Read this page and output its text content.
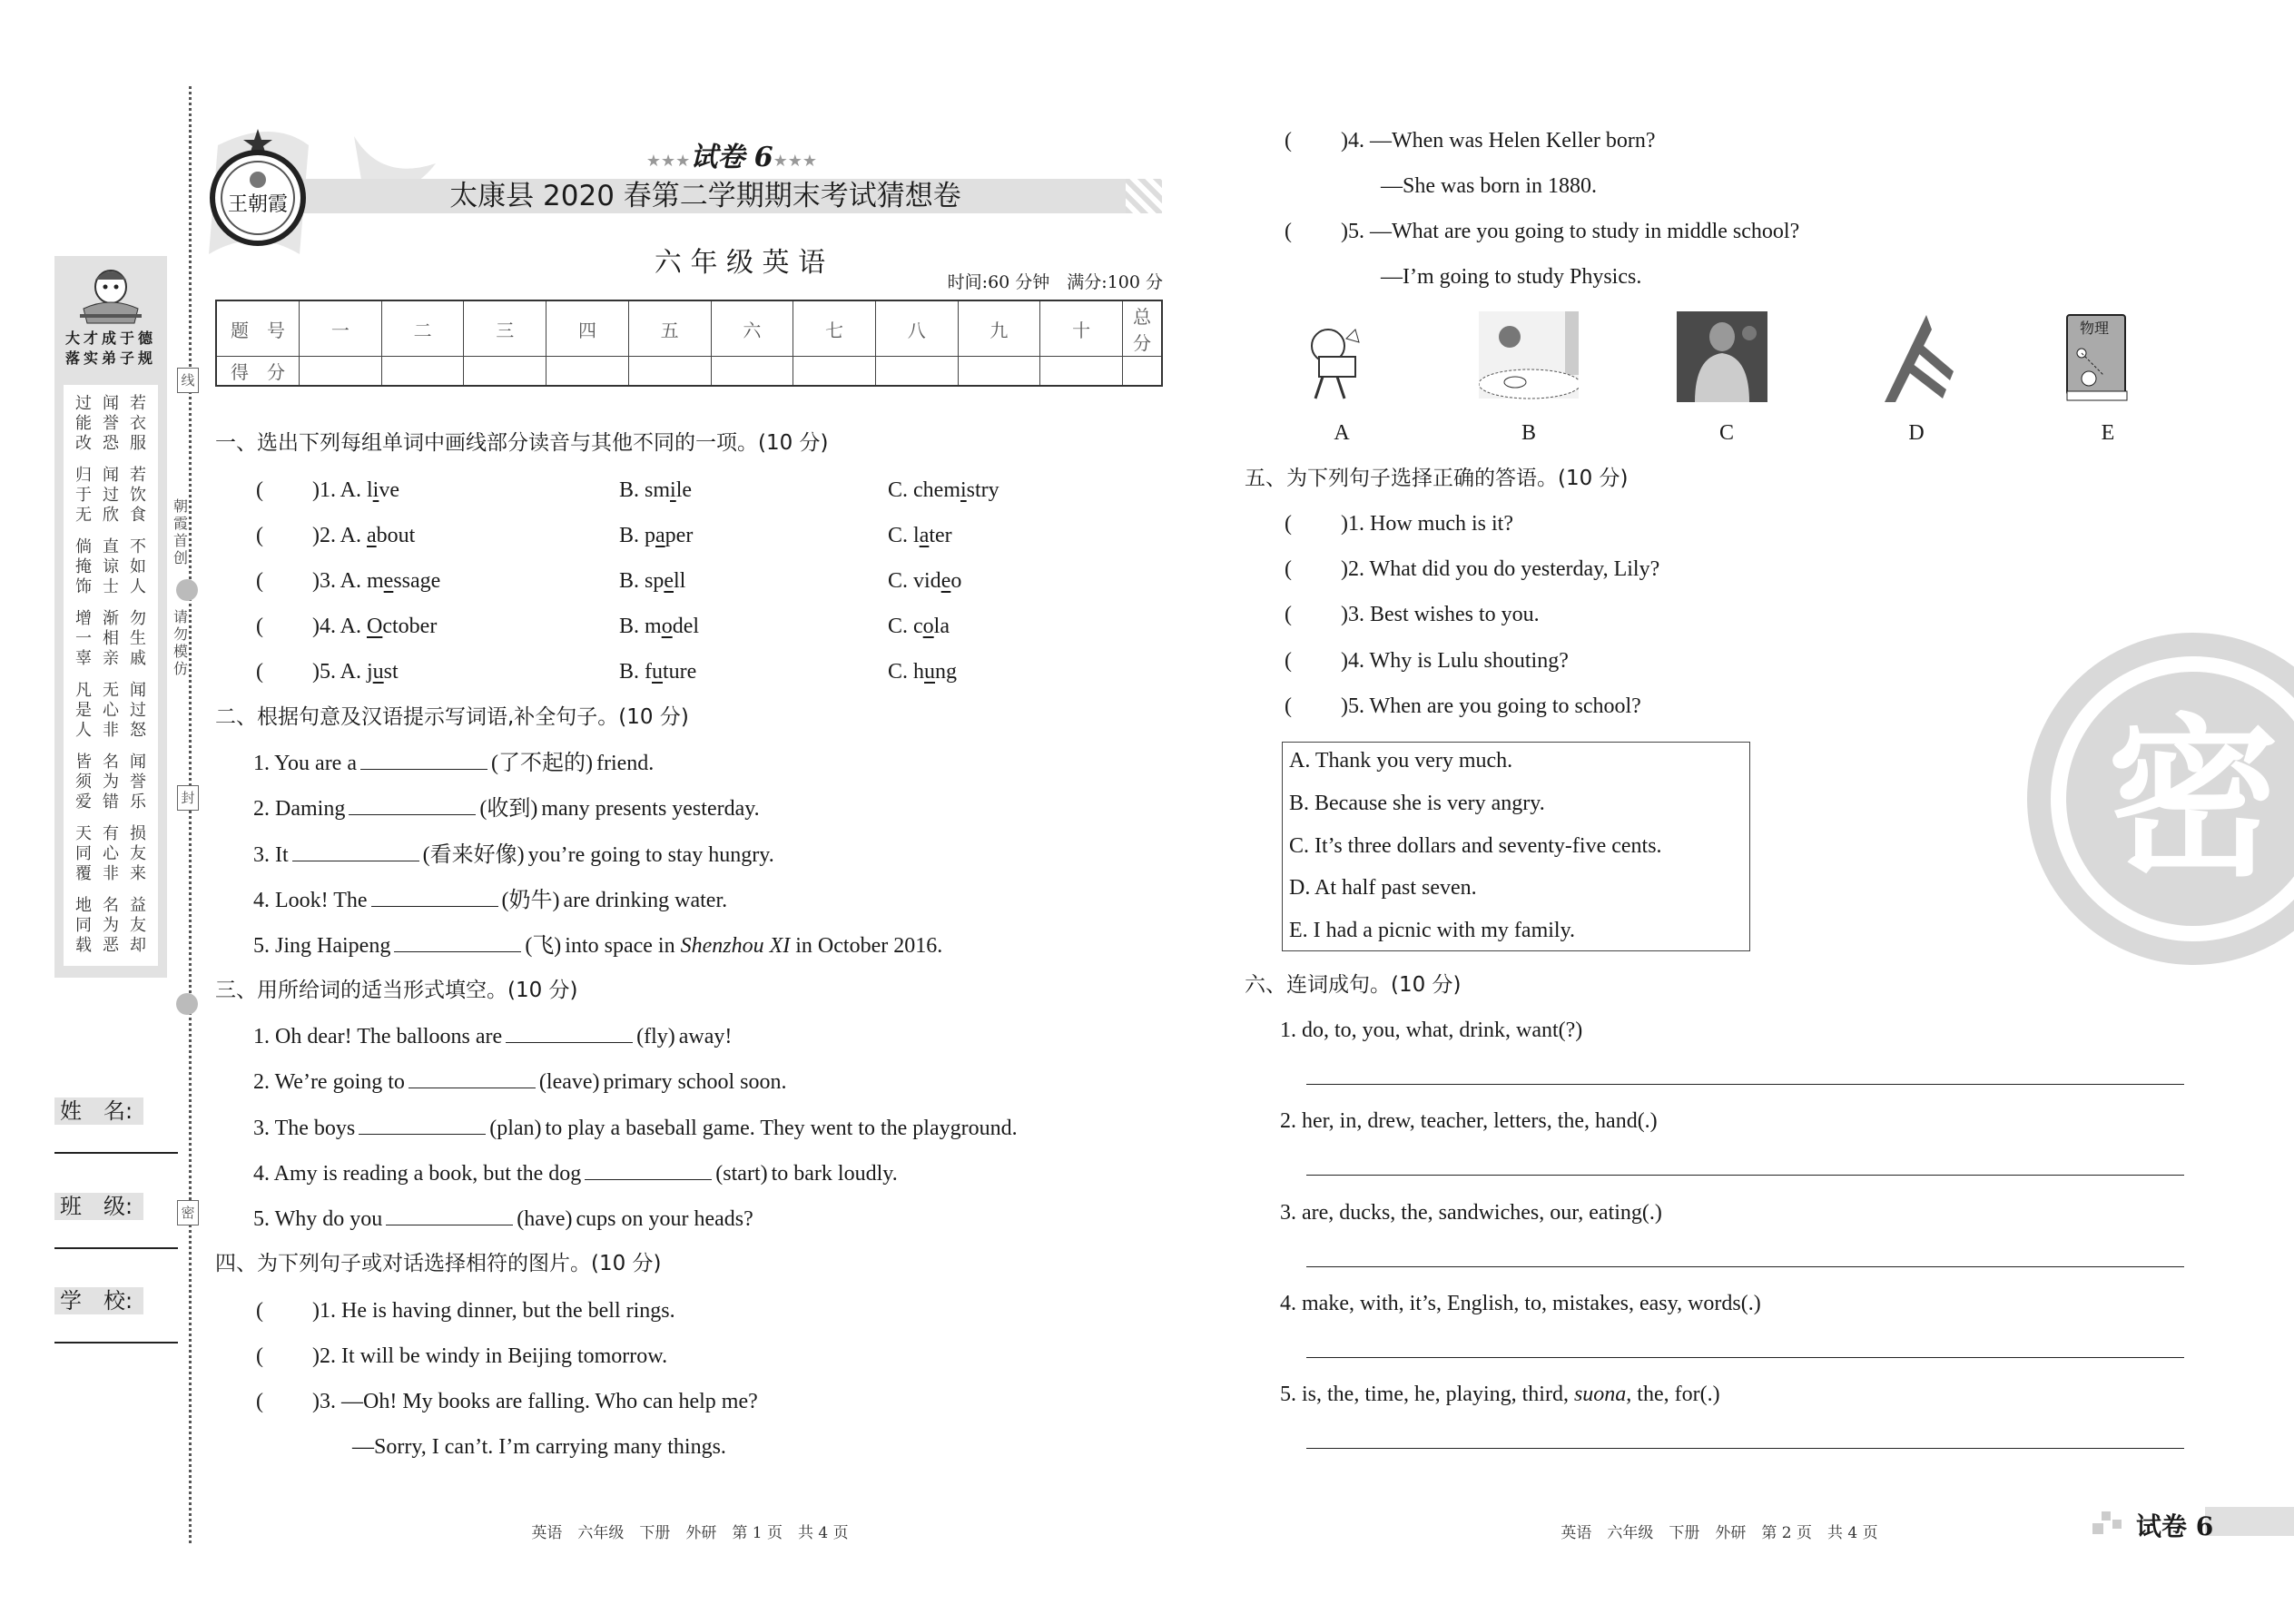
大才成于德
落实弟子规
过能改
闻誉恐
若衣服
归于无
闻过欣
若饮食
倘掩饰
直谅士
不如人
增一辜
渐相亲
勿生戚
凡是人
无心非
闻过怒
皆须爱
名为错
闻誉乐
天同覆
有心非
损友来
地同载
名为恶
益友却
线
朝霞首创
请勿模仿
封
密
姓　名:
班　级:
学　校:
王朝霞
★★★试卷 6★★★
太康县 2020 春第二学期期末考试猜想卷
六 年 级 英 语
时间:60 分钟　满分:100 分
题　号	一	二	三	四	五	六	七	八	九	十	总　分
得　分											
一、选出下列每组单词中画线部分读音与其他不同的一项。(10 分)
( )1. A. live	B. smile	C. chemistry
( )2. A. about	B. paper	C. later
( )3. A. message	B. spell	C. video
( )4. A. October	B. model	C. cola
( )5. A. just	B. future	C. hung
二、根据句意及汉语提示写词语,补全句子。(10 分)
1. You are a	(了不起的) friend.
2. Daming	(收到) many presents yesterday.
3. It	(看来好像) you’re going to stay hungry.
4. Look! The	(奶牛) are drinking water.
5. Jing Haipeng	(飞) into space in Shenzhou XI in October 2016.
三、用所给词的适当形式填空。(10 分)
1. Oh dear! The balloons are	(fly) away!
2. We’re going to	(leave) primary school soon.
3. The boys	(plan) to play a baseball game. They went to the playground.
4. Amy is reading a book, but the dog	(start) to bark loudly.
5. Why do you	(have) cups on your heads?
四、为下列句子或对话选择相符的图片。(10 分)
( )1. He is having dinner, but the bell rings.
( )2. It will be windy in Beijing tomorrow.
( )3. —Oh! My books are falling. Who can help me?
—Sorry, I can’t. I’m carrying many things.
( )4. —When was Helen Keller born?
—She was born in 1880.
( )5. —What are you going to study in middle school?
—I’m going to study Physics.
A	B	C	D
物理
E
五、为下列句子选择正确的答语。(10 分)
( )1. How much is it?
( )2. What did you do yesterday, Lily?
( )3. Best wishes to you.
( )4. Why is Lulu shouting?
( )5. When are you going to school?
A. Thank you very much.
B. Because she is very angry.
C. It’s three dollars and seventy-five cents.
D. At half past seven.
E. I had a picnic with my family.
六、连词成句。(10 分)
1. do, to, you, what, drink, want(?)
2. her, in, drew, teacher, letters, the, hand(.)
3. are, ducks, the, sandwiches, our, eating(.)
4. make, with, it’s, English, to, mistakes, easy, words(.)
5. is, the, time, he, playing, third, suona, the, for(.)
英语　六年级　下册　外研　第 1 页　共 4 页	英语　六年级　下册　外研　第 2 页　共 4 页
密
试卷 6
